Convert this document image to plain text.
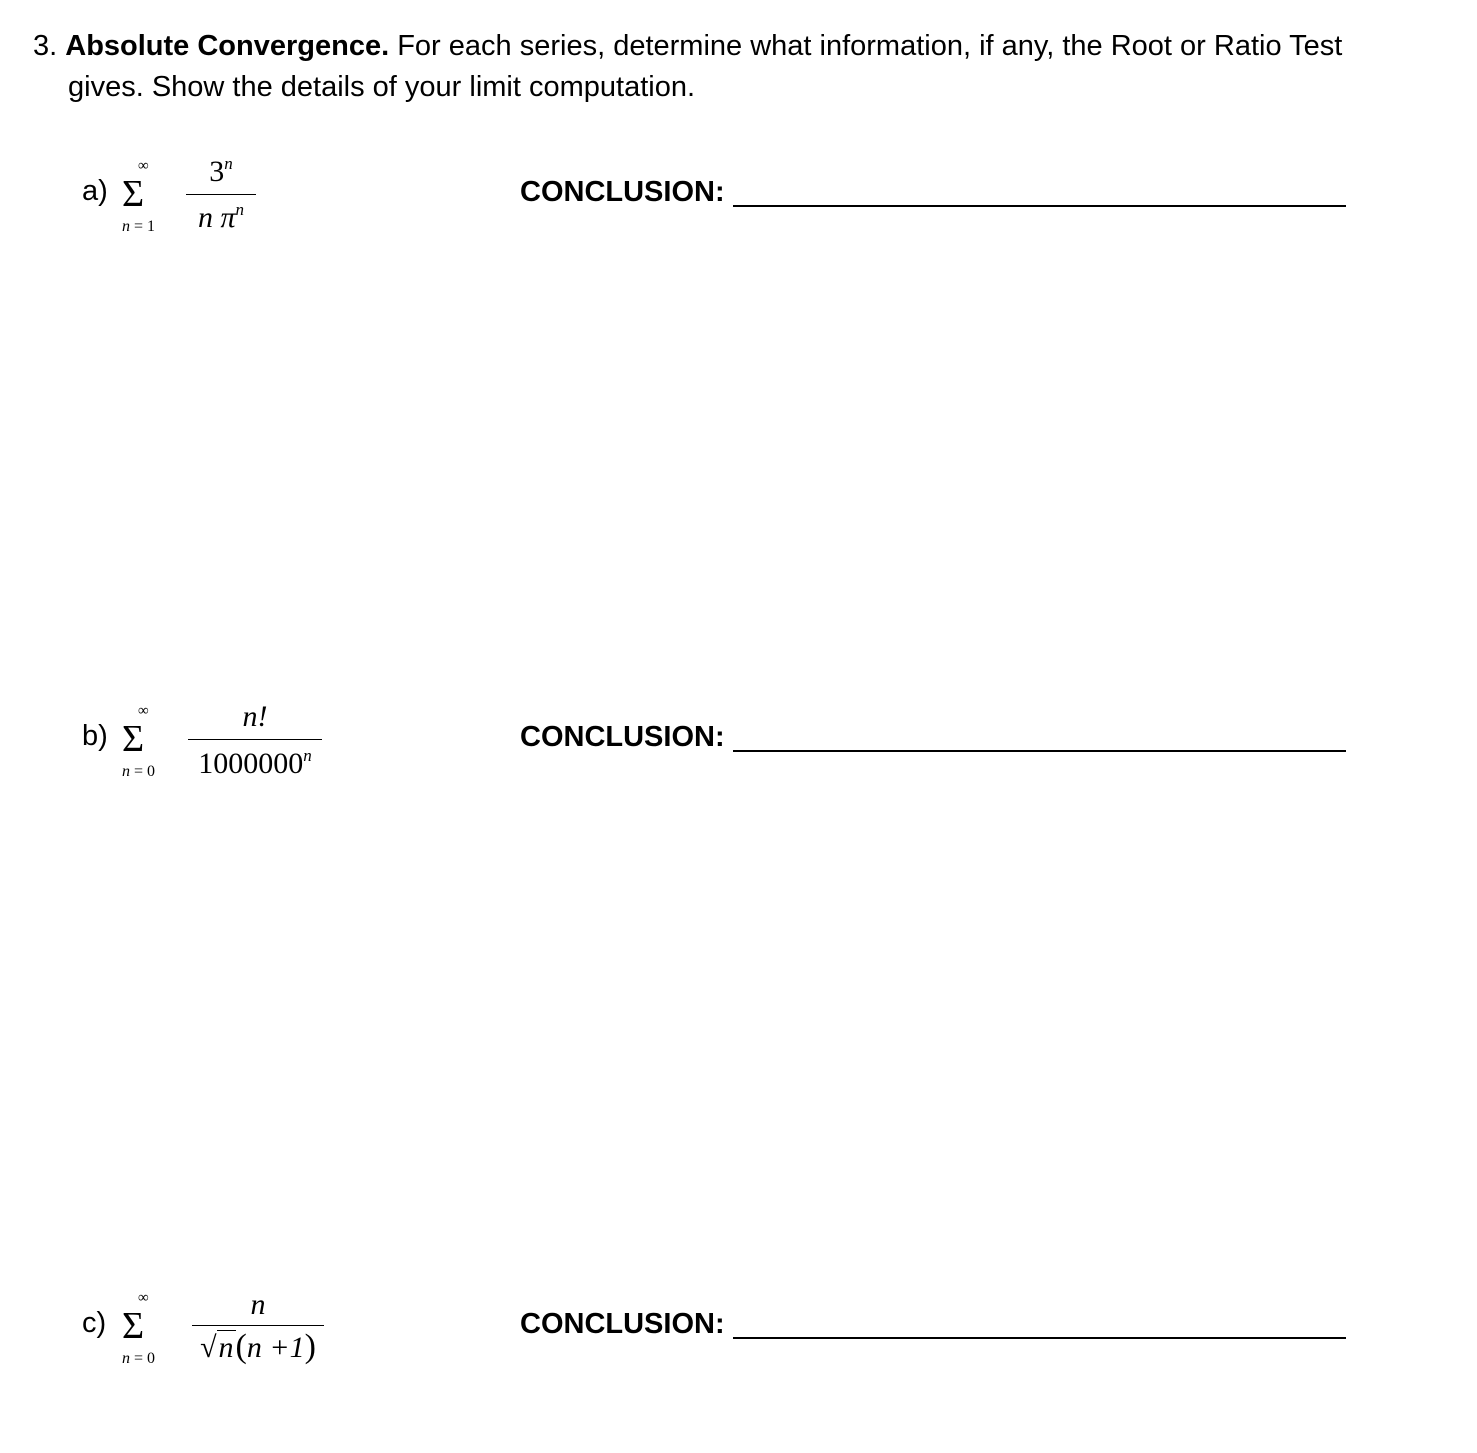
3. Absolute Convergence. For each series, determine what information, if any, the Root or Ratio Test
gives. Show the details of your limit computation.
a)
∞
Σ
n = 1
3$^n$
n $\pi^n$
CONCLUSION:
b)
∞
Σ
n = 0
n!
1000000$^n$
CONCLUSION:
c)
∞
Σ
n = 0
n
√n(n +1)
CONCLUSION:
